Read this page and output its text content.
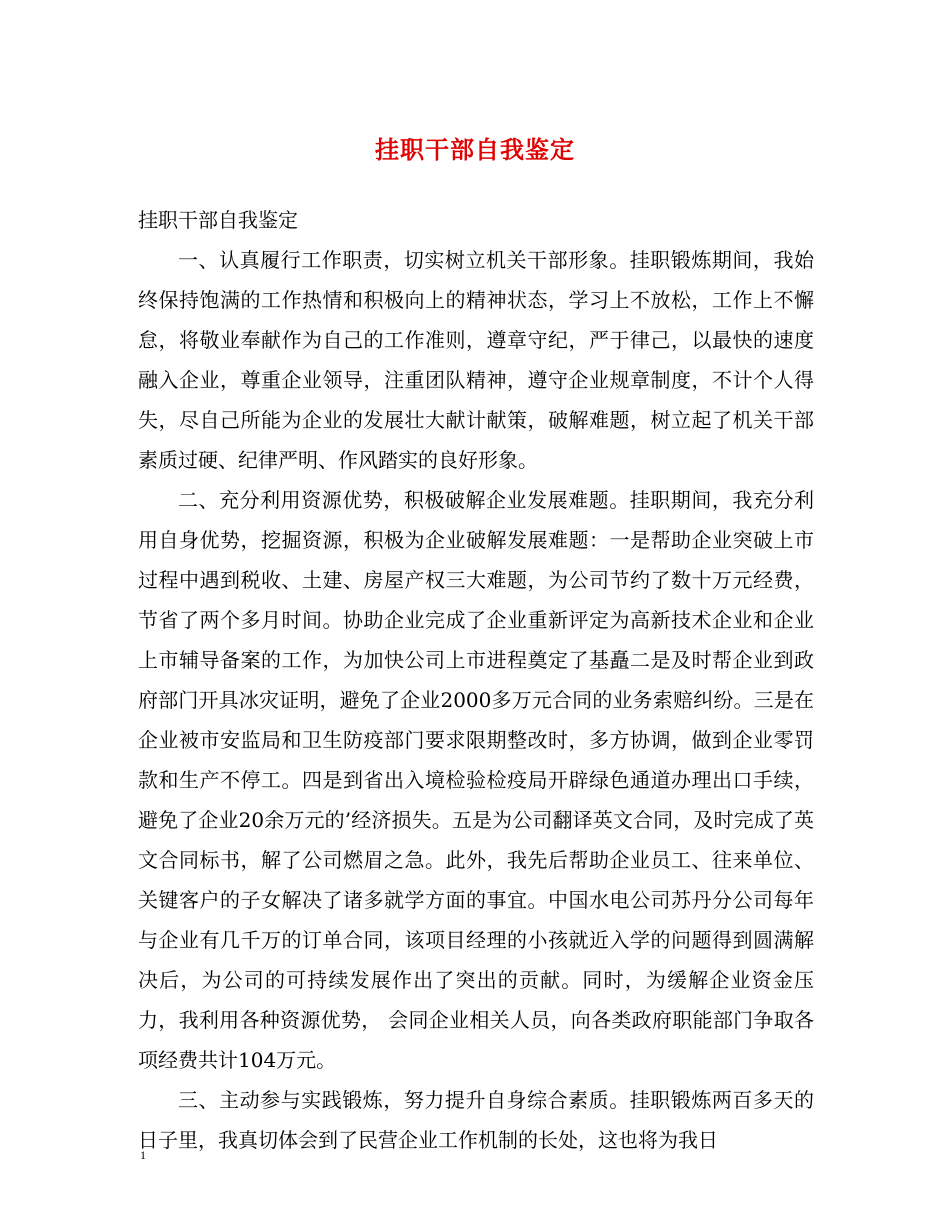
挂职干部自我鉴定

挂职干部自我鉴定

一、认真履行工作职责，切实树立机关干部形象。挂职锻炼期间，我始终保持饱满的工作热情和积极向上的精神状态，学习上不放松，工作上不懈怠，将敬业奉献作为自己的工作准则，遵章守纪，严于律己，以最快的速度融入企业，尊重企业领导，注重团队精神，遵守企业规章制度，不计个人得失，尽自己所能为企业的发展壮大献计献策，破解难题，树立起了机关干部素质过硬、纪律严明、作风踏实的良好形象。

二、充分利用资源优势，积极破解企业发展难题。挂职期间，我充分利用自身优势，挖掘资源，积极为企业破解发展难题：一是帮助企业突破上市过程中遇到税收、土建、房屋产权三大难题，为公司节约了数十万元经费，节省了两个多月时间。协助企业完成了企业重新评定为高新技术企业和企业上市辅导备案的工作，为加快公司上市进程奠定了基矗二是及时帮企业到政府部门开具冰灾证明，避免了企业2000多万元合同的业务索赔纠纷。三是在企业被市安监局和卫生防疫部门要求限期整改时，多方协调，做到企业零罚款和生产不停工。四是到省出入境检验检疫局开辟绿色通道办理出口手续，避免了企业20余万元的’经济损失。五是为公司翻译英文合同，及时完成了英文合同标书，解了公司燃眉之急。此外，我先后帮助企业员工、往来单位、关键客户的子女解决了诸多就学方面的事宜。中国水电公司苏丹分公司每年与企业有几千万的订单合同，该项目经理的小孩就近入学的问题得到圆满解决后，为公司的可持续发展作出了突出的贡献。同时，为缓解企业资金压力，我利用各种资源优势， 会同企业相关人员，向各类政府职能部门争取各项经费共计104万元。

三、主动参与实践锻炼，努力提升自身综合素质。挂职锻炼两百多天的日子里，我真切体会到了民营企业工作机制的长处，这也将为我日

1
